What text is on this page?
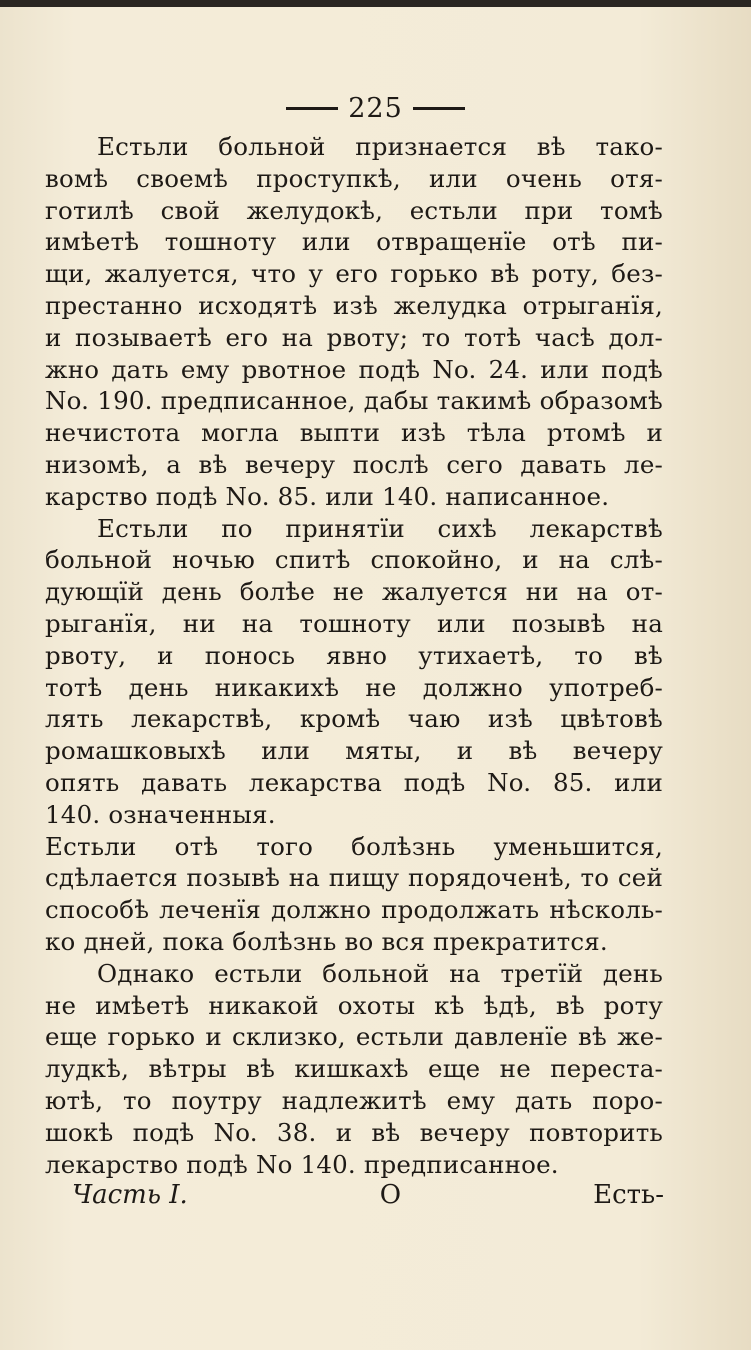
225
Естьли больной признается вѣ тако-
вомѣ своемѣ проступкѣ, или очень отя-
готилѣ свой желудокѣ, естьли при томѣ
имѣетѣ тошноту или отвращенїе отѣ пи-
щи, жалуется, что у его горько вѣ роту, без-
престанно исходятѣ изѣ желудка отрыганїя,
и позываетѣ его на рвоту; то тотѣ часѣ дол-
жно дать ему рвотное подѣ No. 24. или подѣ
No. 190. предписанное, дабы такимѣ образомѣ
нечистота могла выпти изѣ тѣла ртомѣ и
низомѣ, а вѣ вечеру послѣ сего давать ле-
карство подѣ No. 85. или 140. написанное.
Естьли по принятїи сихѣ лекарствѣ
больной ночью спитѣ спокойно, и на слѣ-
дующїй день болѣе не жалуется ни на от-
рыганїя, ни на тошноту или позывѣ на
рвоту, и понось явно утихаетѣ, то вѣ
тотѣ день никакихѣ не должно употреб-
лять лекарствѣ, кромѣ чаю изѣ цвѣтовѣ
ромашковыхѣ или мяты, и вѣ вечеру
опять давать лекарства подѣ No. 85. или
140. означенныя.
Естьли отѣ того болѣзнь уменьшится,
сдѣлается позывѣ на пищу порядоченѣ, то сей
способѣ леченїя должно продолжать нѣсколь-
ко дней, пока болѣзнь во вся прекратится.
Однако естьли больной на третїй день
не имѣетѣ никакой охоты кѣ ѣдѣ, вѣ роту
еще горько и склизко, естьли давленїе вѣ же-
лудкѣ, вѣтры вѣ кишкахѣ еще не переста-
ютѣ, то поутру надлежитѣ ему дать поро-
шокѣ подѣ No. 38. и вѣ вечеру повторить
лекарство подѣ No 140. предписанное.
Часть I.	О	Есть-
